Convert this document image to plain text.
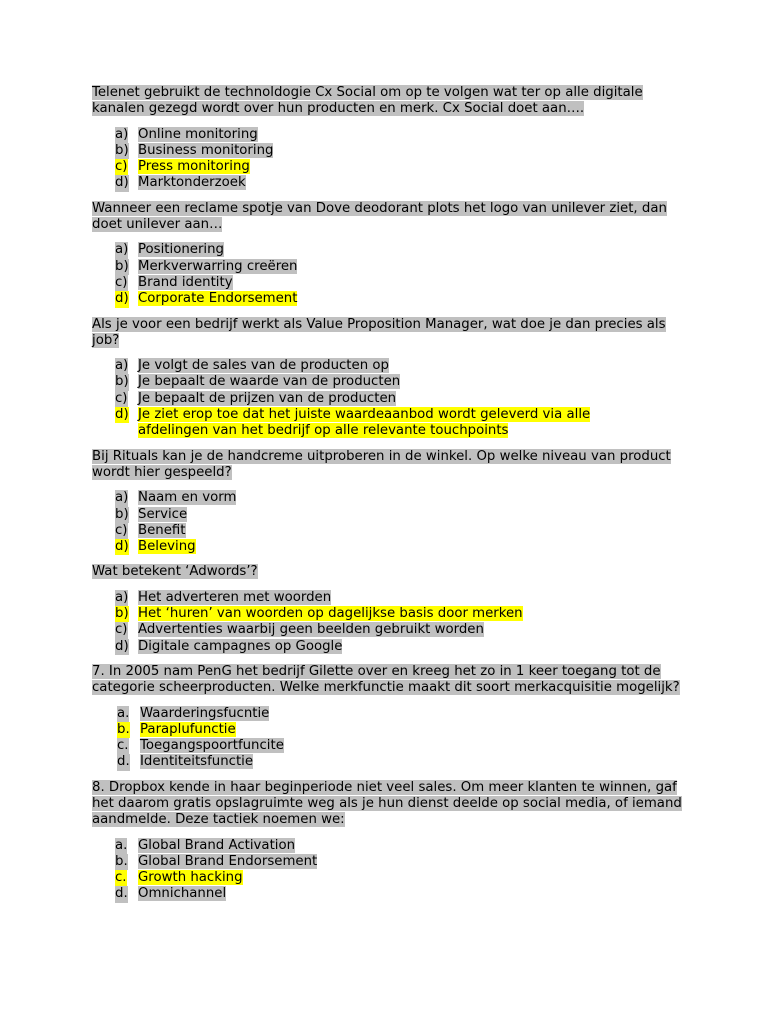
Telenet gebruikt de technoldogie Cx Social om op te volgen wat ter op alle digitale kanalen gezegd wordt over hun producten en merk. Cx Social doet aan….

a) Online monitoring
b) Business monitoring
c) Press monitoring
d) Marktonderzoek

Wanneer een reclame spotje van Dove deodorant plots het logo van unilever ziet, dan doet unilever aan…

a) Positionering
b) Merkverwarring creëren
c) Brand identity
d) Corporate Endorsement

Als je voor een bedrijf werkt als Value Proposition Manager, wat doe je dan precies als job?

a) Je volgt de sales van de producten op
b) Je bepaalt de waarde van de producten
c) Je bepaalt de prijzen van de producten
d) Je ziet erop toe dat het juiste waardeaanbod wordt geleverd via alle
afdelingen van het bedrijf op alle relevante touchpoints

Bij Rituals kan je de handcreme uitproberen in de winkel. Op welke niveau van product wordt hier gespeeld?

a) Naam en vorm
b) Service
c) Benefit
d) Beleving

Wat betekent ‘Adwords’?

a) Het adverteren met woorden
b) Het ‘huren’ van woorden op dagelijkse basis door merken
c) Advertenties waarbij geen beelden gebruikt worden
d) Digitale campagnes op Google

7. In 2005 nam PenG het bedrijf Gilette over en kreeg het zo in 1 keer toegang tot de categorie scheerproducten. Welke merkfunctie maakt dit soort merkacquisitie mogelijk?

a. Waarderingsfucntie
b. Paraplufunctie
c. Toegangspoortfuncite
d. Identiteitsfunctie

8. Dropbox kende in haar beginperiode niet veel sales. Om meer klanten te winnen, gaf het daarom gratis opslagruimte weg als je hun dienst deelde op social media, of iemand aandmelde. Deze tactiek noemen we:

a. Global Brand Activation
b. Global Brand Endorsement
c. Growth hacking
d. Omnichannel
